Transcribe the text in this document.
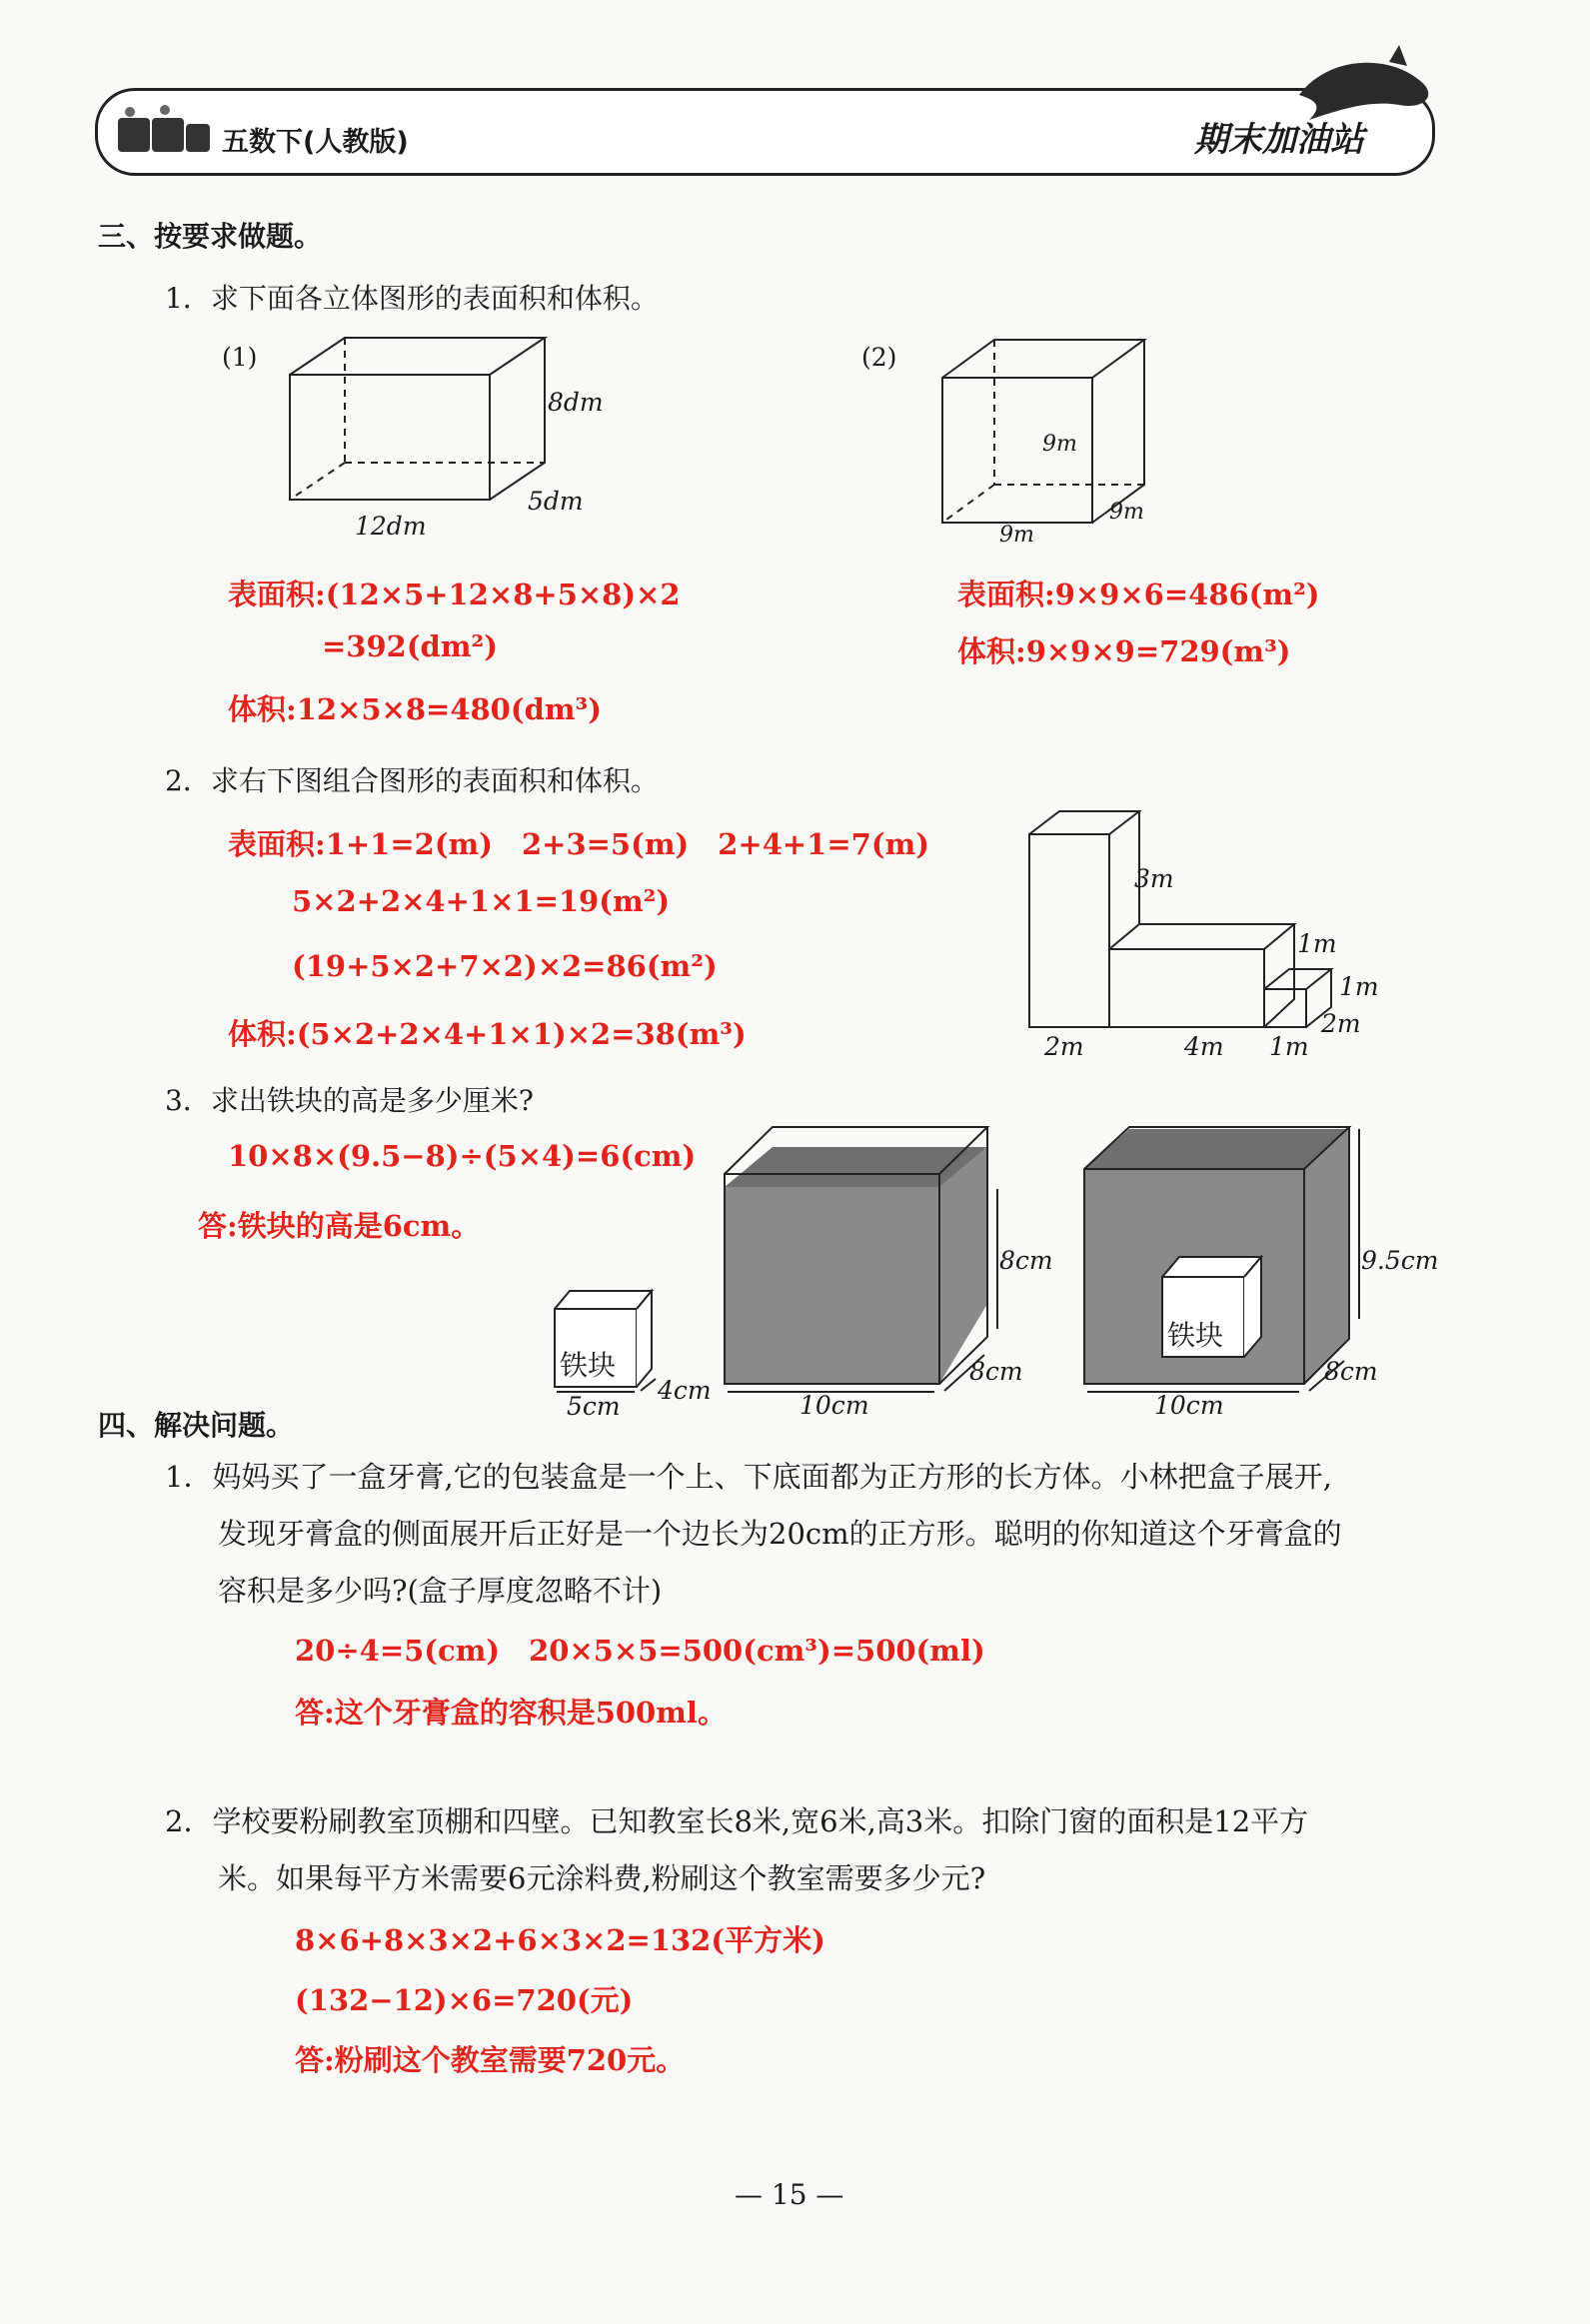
五数下(人教版)	期末加油站
三、按要求做题。
1．求下面各立体图形的表面积和体积。
(1)
8dm
5dm
12dm
(2)
9m
9m
9m
表面积:(12×5+12×8+5×8)×2
=392(dm²)
体积:12×5×8=480(dm³)
表面积:9×9×6=486(m²)
体积:9×9×9=729(m³)
2．求右下图组合图形的表面积和体积。
表面积:1+1=2(m)　2+3=5(m)　2+4+1=7(m)
5×2+2×4+1×1=19(m²)
(19+5×2+7×2)×2=86(m²)
体积:(5×2+2×4+1×1)×2=38(m³)
3m
1m
1m
2m
2m	4m 1m
3．求出铁块的高是多少厘米?
10×8×(9.5−8)÷(5×4)=6(cm)
答:铁块的高是6cm。
铁块
5cm
4cm
8cm
8cm
10cm
9.5cm
8cm
10cm
铁块
四、解决问题。
1．妈妈买了一盒牙膏,它的包装盒是一个上、下底面都为正方形的长方体。小林把盒子展开,
发现牙膏盒的侧面展开后正好是一个边长为20cm的正方形。聪明的你知道这个牙膏盒的
容积是多少吗?(盒子厚度忽略不计)
20÷4=5(cm)　20×5×5=500(cm³)=500(ml)
答:这个牙膏盒的容积是500ml。
2．学校要粉刷教室顶棚和四壁。已知教室长8米,宽6米,高3米。扣除门窗的面积是12平方
米。如果每平方米需要6元涂料费,粉刷这个教室需要多少元?
8×6+8×3×2+6×3×2=132(平方米)
(132−12)×6=720(元)
答:粉刷这个教室需要720元。
— 15 —
